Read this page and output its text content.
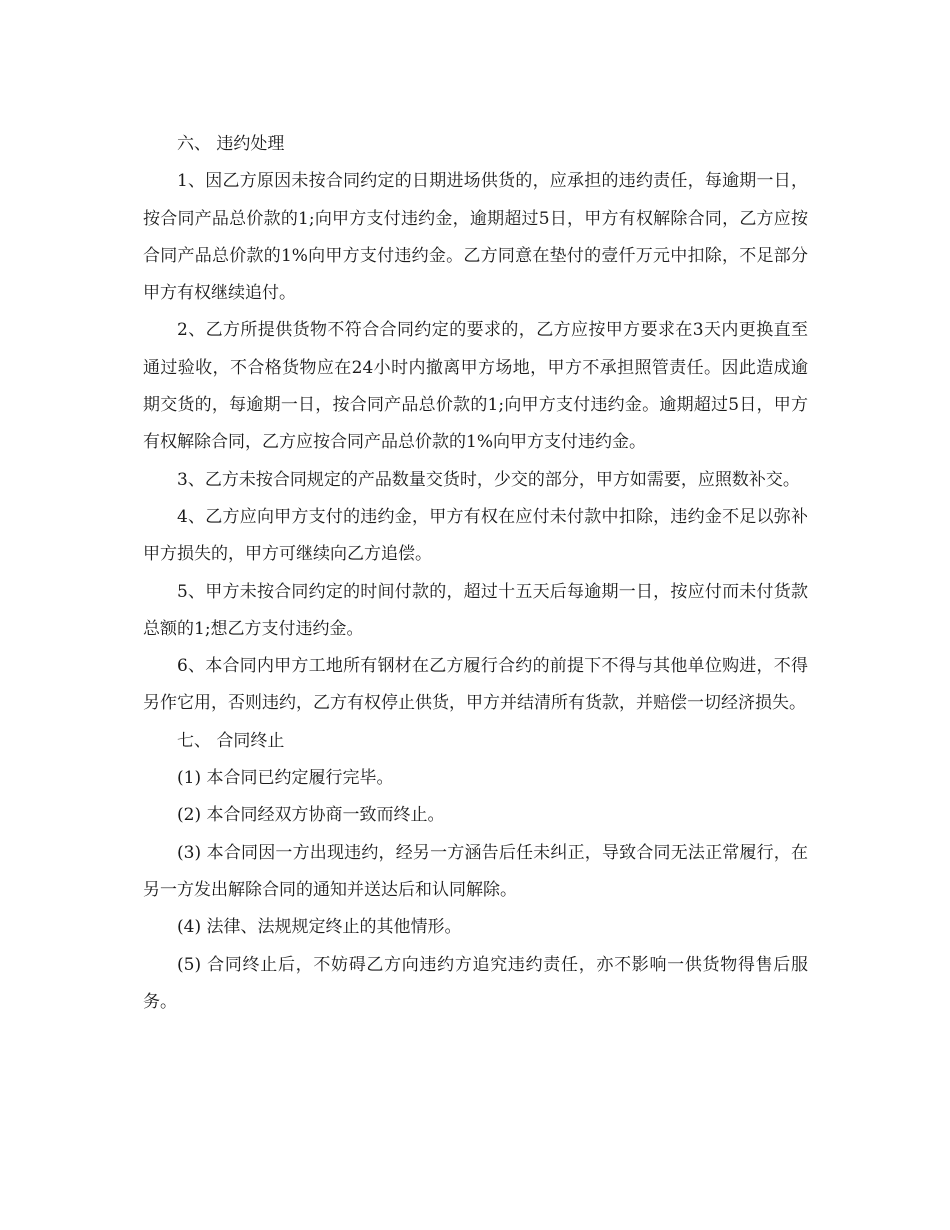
六、 违约处理

1、因乙方原因未按合同约定的日期进场供货的，应承担的违约责任，每逾期一日，按合同产品总价款的1;向甲方支付违约金，逾期超过5日，甲方有权解除合同，乙方应按合同产品总价款的1%向甲方支付违约金。乙方同意在垫付的壹仟万元中扣除，不足部分甲方有权继续追付。

2、乙方所提供货物不符合合同约定的要求的，乙方应按甲方要求在3天内更换直至通过验收，不合格货物应在24小时内撤离甲方场地，甲方不承担照管责任。因此造成逾期交货的，每逾期一日，按合同产品总价款的1;向甲方支付违约金。逾期超过5日，甲方有权解除合同，乙方应按合同产品总价款的1%向甲方支付违约金。

3、乙方未按合同规定的产品数量交货时，少交的部分，甲方如需要，应照数补交。

4、乙方应向甲方支付的违约金，甲方有权在应付未付款中扣除，违约金不足以弥补甲方损失的，甲方可继续向乙方追偿。

5、甲方未按合同约定的时间付款的，超过十五天后每逾期一日，按应付而未付货款总额的1;想乙方支付违约金。

6、本合同内甲方工地所有钢材在乙方履行合约的前提下不得与其他单位购进，不得另作它用，否则违约，乙方有权停止供货，甲方并结清所有货款，并赔偿一切经济损失。

七、 合同终止

(1) 本合同已约定履行完毕。

(2) 本合同经双方协商一致而终止。

(3) 本合同因一方出现违约，经另一方涵告后任未纠正，导致合同无法正常履行，在另一方发出解除合同的通知并送达后和认同解除。

(4) 法律、法规规定终止的其他情形。

(5) 合同终止后，不妨碍乙方向违约方追究违约责任，亦不影响一供货物得售后服务。
